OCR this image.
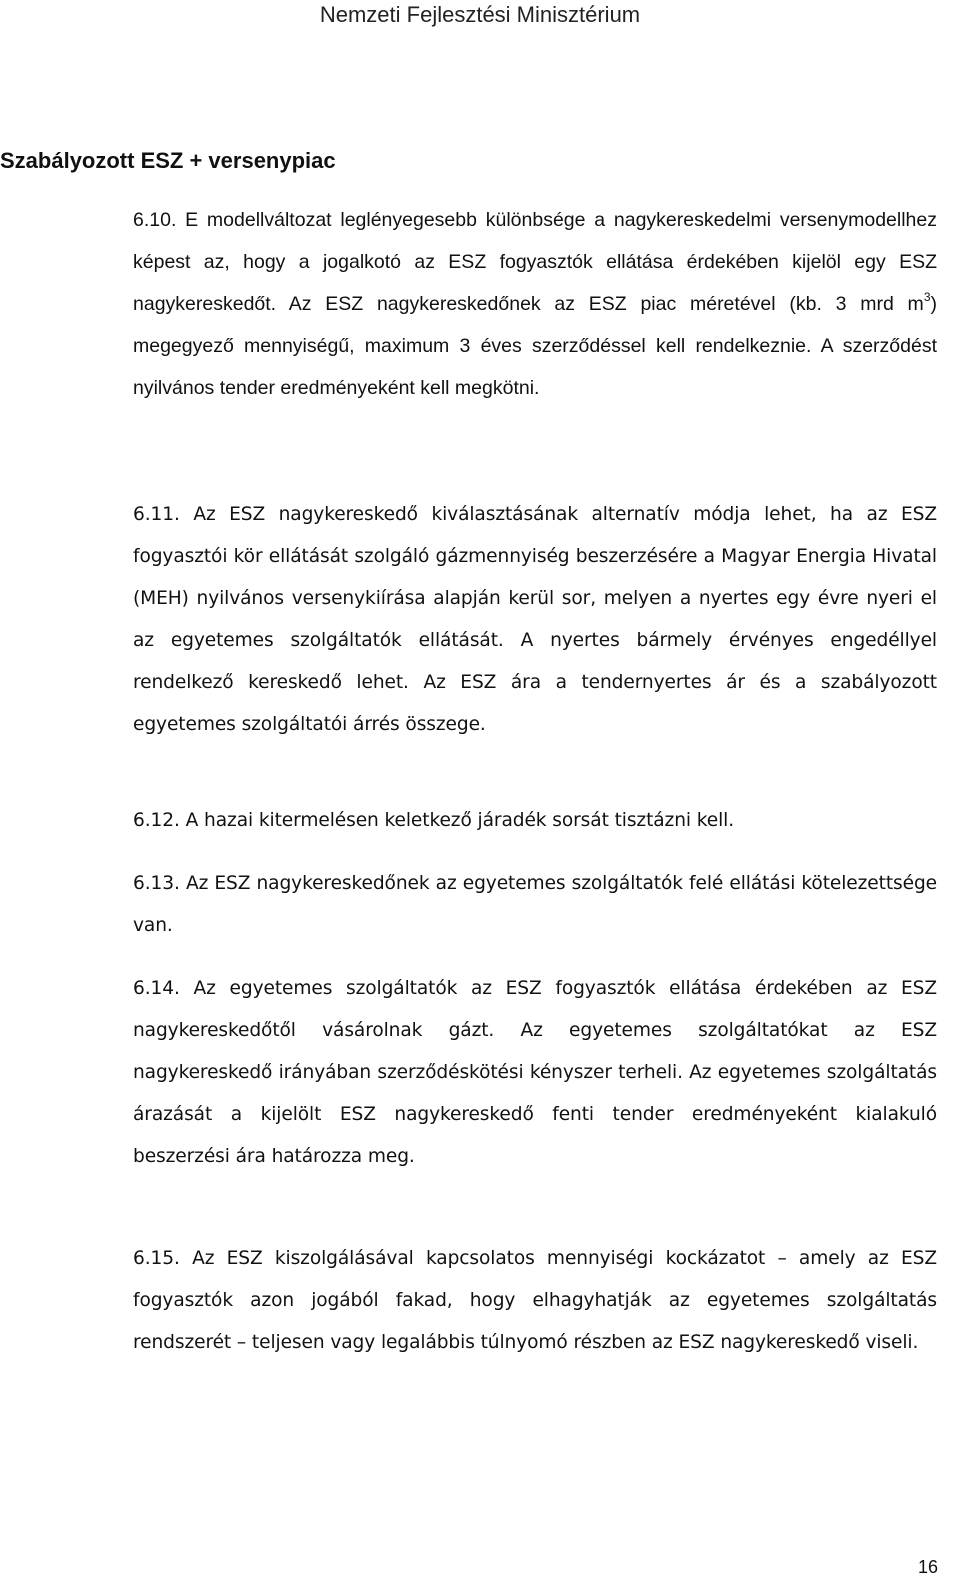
Nemzeti Fejlesztési Minisztérium
Szabályozott ESZ + versenypiac
6.10. E modellváltozat leglényegesebb különbsége a nagykereskedelmi versenymodellhez képest az, hogy a jogalkotó az ESZ fogyasztók ellátása érdekében kijelöl egy ESZ nagykereskedőt. Az ESZ nagykereskedőnek az ESZ piac méretével (kb. 3 mrd $m^3$) megegyező mennyiségű, maximum 3 éves szerződéssel kell rendelkeznie. A szerződést nyilvános tender eredményeként kell megkötni.
6.11. Az ESZ nagykereskedő kiválasztásának alternatív módja lehet, ha az ESZ fogyasztói kör ellátását szolgáló gázmennyiség beszerzésére a Magyar Energia Hivatal (MEH) nyilvános versenykiírása alapján kerül sor, melyen a nyertes egy évre nyeri el az egyetemes szolgáltatók ellátását. A nyertes bármely érvényes engedéllyel rendelkező kereskedő lehet. Az ESZ ára a tendernyertes ár és a szabályozott egyetemes szolgáltatói árrés összege.
6.12. A hazai kitermelésen keletkező járadék sorsát tisztázni kell.
6.13. Az ESZ nagykereskedőnek az egyetemes szolgáltatók felé ellátási kötelezettsége van.
6.14. Az egyetemes szolgáltatók az ESZ fogyasztók ellátása érdekében az ESZ nagykereskedőtől vásárolnak gázt. Az egyetemes szolgáltatókat az ESZ nagykereskedő irányában szerződéskötési kényszer terheli. Az egyetemes szolgáltatás árazását a kijelölt ESZ nagykereskedő fenti tender eredményeként kialakuló beszerzési ára határozza meg.
6.15. Az ESZ kiszolgálásával kapcsolatos mennyiségi kockázatot – amely az ESZ fogyasztók azon jogából fakad, hogy elhagyhatják az egyetemes szolgáltatás rendszerét – teljesen vagy legalábbis túlnyomó részben az ESZ nagykereskedő viseli.
16
